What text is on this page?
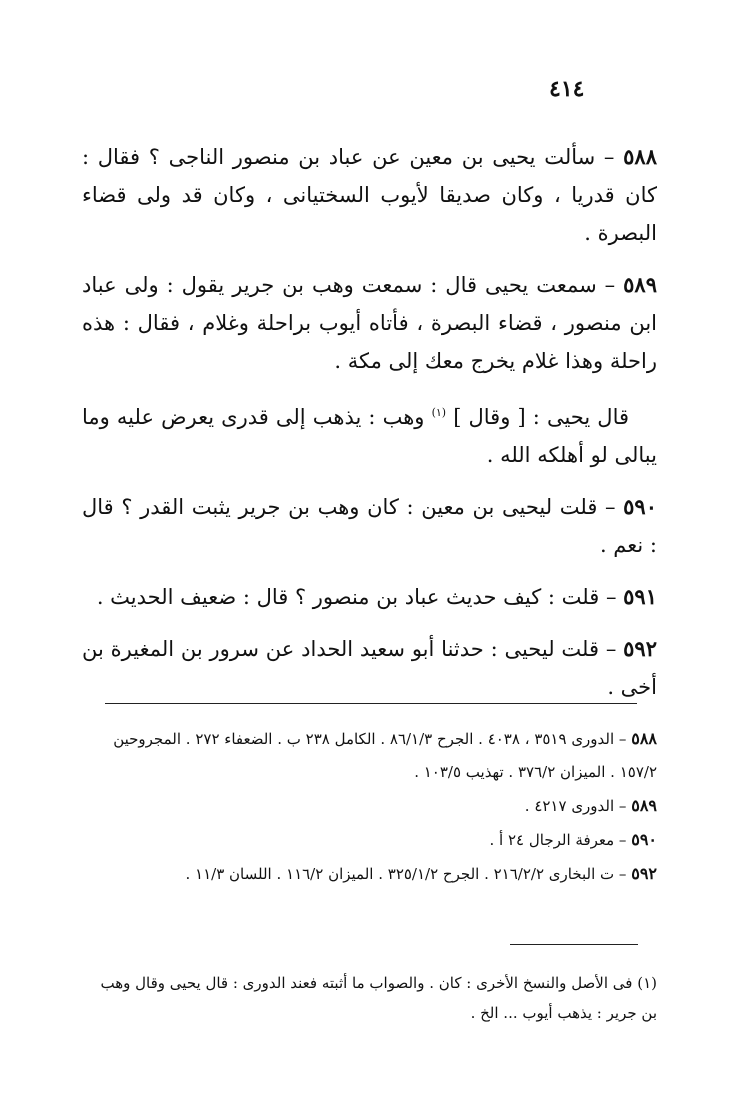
٤١٤

٥٨٨ – سألت يحيى بن معين عن عباد بن منصور الناجى ؟ فقال : كان قدريا ، وكان صديقا لأيوب السختيانى ، وكان قد ولى قضاء البصرة .

٥٨٩ – سمعت يحيى قال : سمعت وهب بن جرير يقول : ولى عباد ابن منصور ، قضاء البصرة ، فأتاه أيوب براحلة وغلام ، فقال : هذه راحلة وهذا غلام يخرج معك إلى مكة .

قال يحيى : [ وقال ] $^{(١)}$ وهب : يذهب إلى قدرى يعرض عليه وما يبالى لو أهلكه الله .

٥٩٠ – قلت ليحيى بن معين : كان وهب بن جرير يثبت القدر ؟ قال : نعم .

٥٩١ – قلت : كيف حديث عباد بن منصور ؟ قال : ضعيف الحديث .

٥٩٢ – قلت ليحيى : حدثنا أبو سعيد الحداد عن سرور بن المغيرة بن أخى .

٥٨٨ – الدورى ٣٥١٩ ، ٤٠٣٨ . الجرح ٨٦/١/٣ . الكامل ٢٣٨ ب . الضعفاء ٢٧٢ . المجروحين ١٥٧/٢ . الميزان ٣٧٦/٢ . تهذيب ١٠٣/٥ .

٥٨٩ – الدورى ٤٢١٧ .

٥٩٠ – معرفة الرجال ٢٤ أ .

٥٩٢ – ت البخارى ٢١٦/٢/٢ . الجرح ٣٢٥/١/٢ . الميزان ١١٦/٢ . اللسان ١١/٣ .

(١) فى الأصل والنسخ الأخرى : كان . والصواب ما أثبته فعند الدورى : قال يحيى وقال وهب بن جرير : يذهب أيوب ... الخ .
